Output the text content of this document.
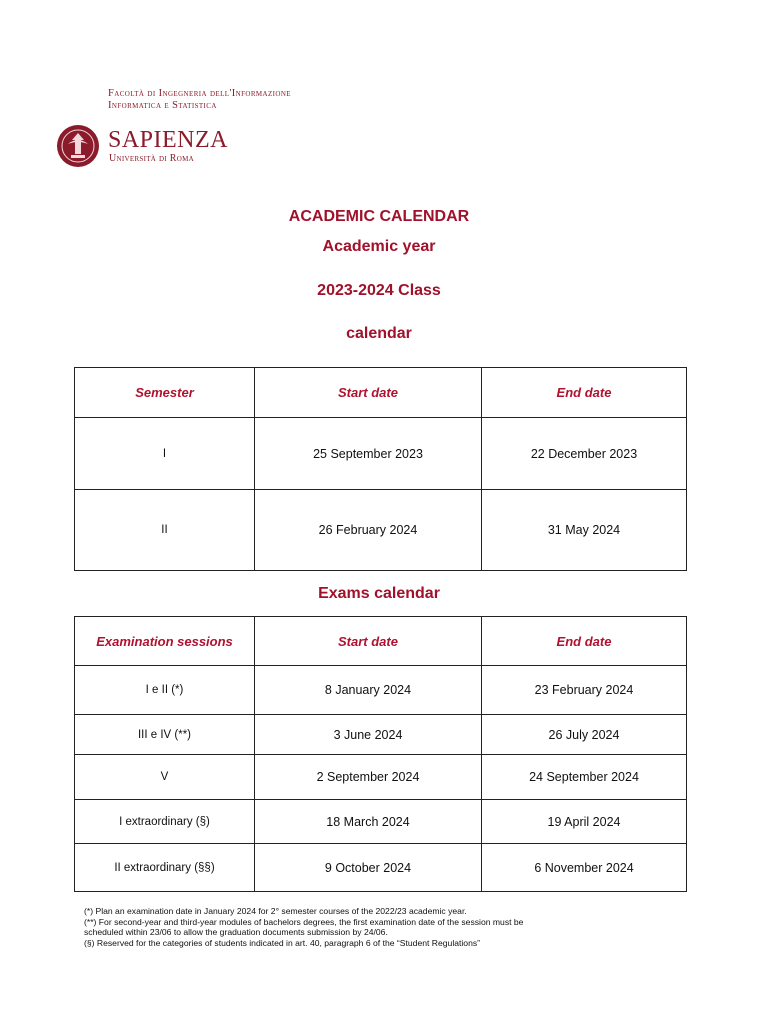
Facoltà di Ingegneria dell'Informazione
Informatica e Statistica
SAPIENZA
Università di Roma
ACADEMIC CALENDAR
Academic year
2023-2024 Class
calendar
Semester	Start date	End date
I	25 September 2023	22 December 2023
II	26 February 2024	31 May 2024
Exams calendar
Examination sessions	Start date	End date
I e II (*)	8 January 2024	23 February 2024
III e IV (**)	3 June 2024	26 July 2024
V	2 September 2024	24 September 2024
I extraordinary (§)	18 March 2024	19 April 2024
II extraordinary (§§)	9 October 2024	6 November 2024
(*) Plan an examination date in January 2024 for 2° semester courses of the 2022/23 academic year.
(**) For second-year and third-year modules of bachelors degrees, the first examination date of the session must be
scheduled within 23/06 to allow the graduation documents submission by 24/06.
(§) Reserved for the categories of students indicated in art. 40, paragraph 6 of the “Student Regulations”
